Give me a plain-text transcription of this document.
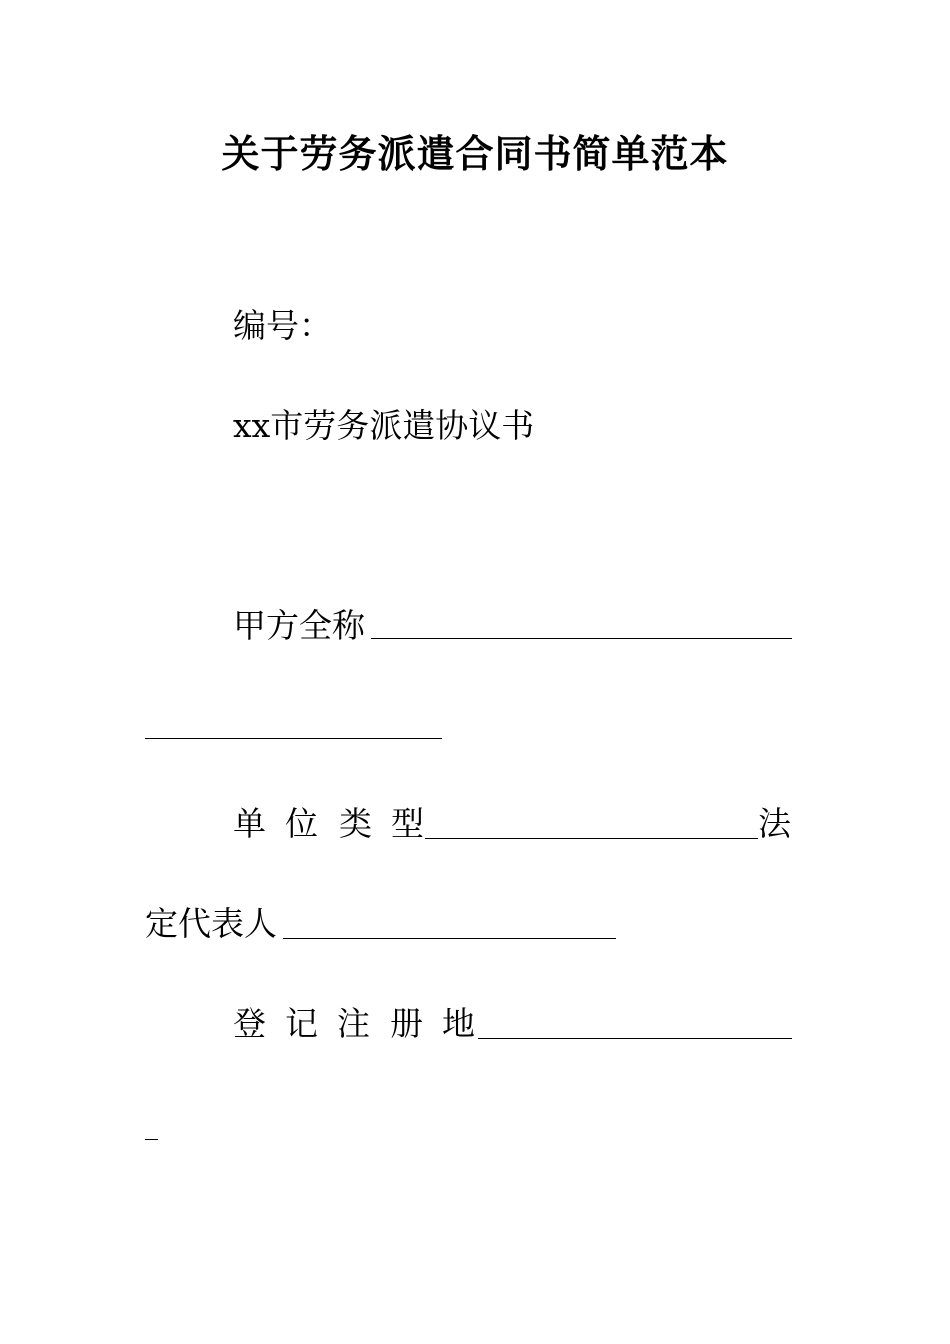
关于劳务派遣合同书简单范本
编号：
xx市劳务派遣协议书
甲方全称
单 位 类 型	法
定代表人
登 记 注 册 地
